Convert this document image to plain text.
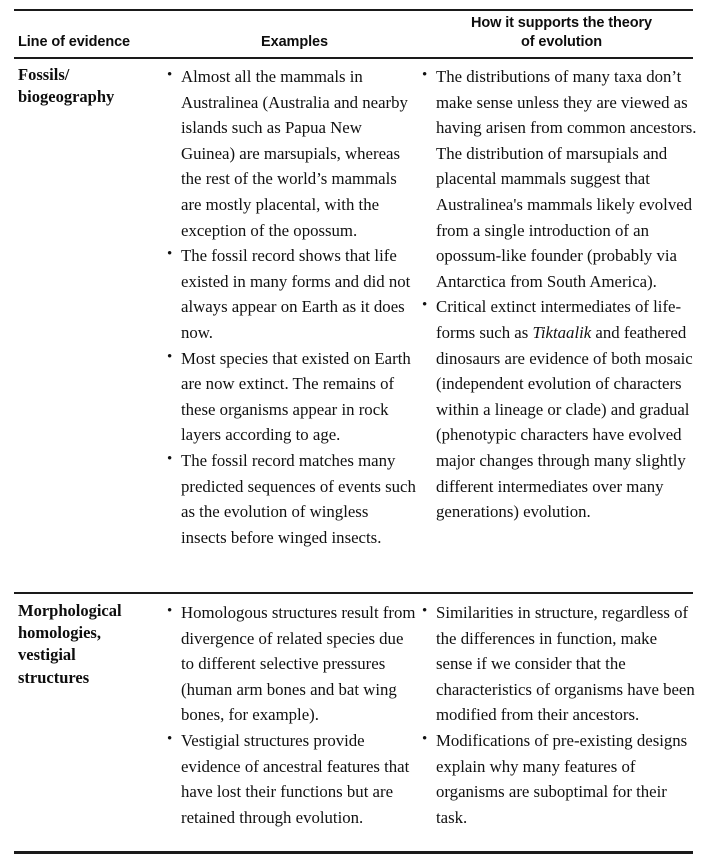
Line of evidence	Examples
How it supports the theory
of evolution
Fossils/
biogeography
• Almost all the mammals in Australinea (Australia and nearby islands such as Papua New Guinea) are marsupials, whereas the rest of the world’s mammals are mostly placental, with the exception of the opossum.
• The fossil record shows that life existed in many forms and did not always appear on Earth as it does now.
• Most species that existed on Earth are now extinct. The remains of these organisms appear in rock layers according to age.
• The fossil record matches many predicted sequences of events such as the evolution of wingless insects before winged insects.
• The distributions of many taxa don’t make sense unless they are viewed as having arisen from common ancestors. The distribution of marsupials and placental mammals suggest that Australinea's mammals likely evolved from a single introduction of an opossum-like founder (probably via Antarctica from South America).
• Critical extinct intermediates of life-forms such as Tiktaalik and feathered dinosaurs are evidence of both mosaic (independent evolution of characters within a lineage or clade) and gradual (phenotypic characters have evolved major changes through many slightly different intermediates over many generations) evolution.
Morphological
homologies,
vestigial
structures
• Homologous structures result from divergence of related species due to different selective pressures (human arm bones and bat wing bones, for example).
• Vestigial structures provide evidence of ancestral features that have lost their functions but are retained through evolution.
• Similarities in structure, regardless of the differences in function, make sense if we consider that the characteristics of organisms have been modified from their ancestors.
• Modifications of pre-existing designs explain why many features of organisms are suboptimal for their task.
